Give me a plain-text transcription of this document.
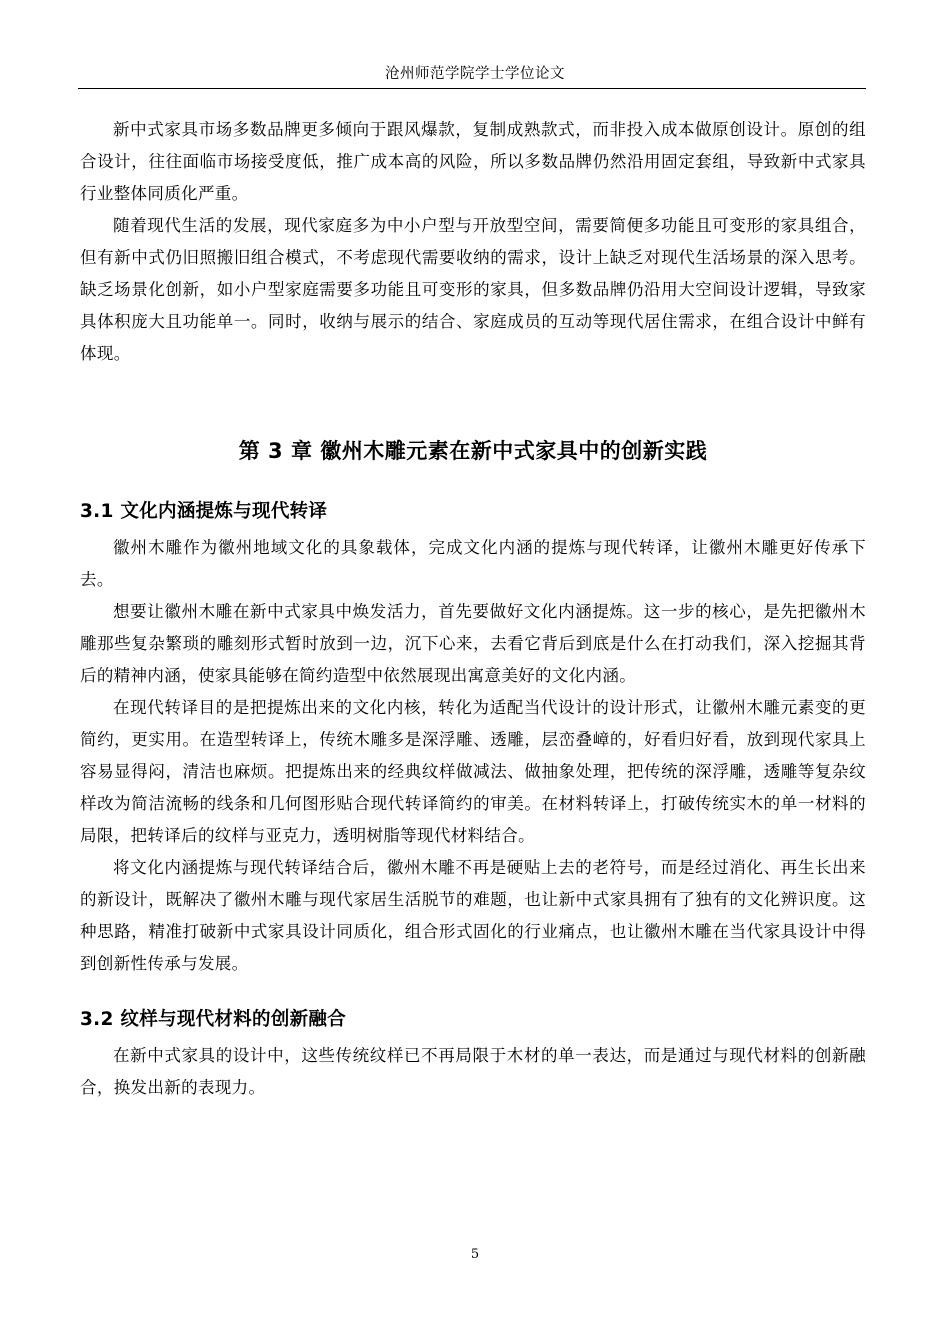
沧州师范学院学士学位论文

新中式家具市场多数品牌更多倾向于跟风爆款，复制成熟款式，而非投入成本做原创设计。原创的组合设计，往往面临市场接受度低，推广成本高的风险，所以多数品牌仍然沿用固定套组，导致新中式家具行业整体同质化严重。

随着现代生活的发展，现代家庭多为中小户型与开放型空间，需要简便多功能且可变形的家具组合，但有新中式仍旧照搬旧组合模式，不考虑现代需要收纳的需求，设计上缺乏对现代生活场景的深入思考。缺乏场景化创新，如小户型家庭需要多功能且可变形的家具，但多数品牌仍沿用大空间设计逻辑，导致家具体积庞大且功能单一。同时，收纳与展示的结合、家庭成员的互动等现代居住需求，在组合设计中鲜有体现。

第 3 章 徽州木雕元素在新中式家具中的创新实践
3.1 文化内涵提炼与现代转译

徽州木雕作为徽州地域文化的具象载体，完成文化内涵的提炼与现代转译，让徽州木雕更好传承下去。

想要让徽州木雕在新中式家具中焕发活力，首先要做好文化内涵提炼。这一步的核心，是先把徽州木雕那些复杂繁琐的雕刻形式暂时放到一边，沉下心来，去看它背后到底是什么在打动我们，深入挖掘其背后的精神内涵，使家具能够在简约造型中依然展现出寓意美好的文化内涵。

在现代转译目的是把提炼出来的文化内核，转化为适配当代设计的设计形式，让徽州木雕元素变的更简约，更实用。在造型转译上，传统木雕多是深浮雕、透雕，层峦叠嶂的，好看归好看，放到现代家具上容易显得闷，清洁也麻烦。把提炼出来的经典纹样做减法、做抽象处理，把传统的深浮雕，透雕等复杂纹样改为简洁流畅的线条和几何图形贴合现代转译简约的审美。在材料转译上，打破传统实木的单一材料的局限，把转译后的纹样与亚克力，透明树脂等现代材料结合。

将文化内涵提炼与现代转译结合后，徽州木雕不再是硬贴上去的老符号，而是经过消化、再生长出来的新设计，既解决了徽州木雕与现代家居生活脱节的难题，也让新中式家具拥有了独有的文化辨识度。这种思路，精准打破新中式家具设计同质化，组合形式固化的行业痛点，也让徽州木雕在当代家具设计中得到创新性传承与发展。

3.2 纹样与现代材料的创新融合

在新中式家具的设计中，这些传统纹样已不再局限于木材的单一表达，而是通过与现代材料的创新融合，换发出新的表现力。

5
